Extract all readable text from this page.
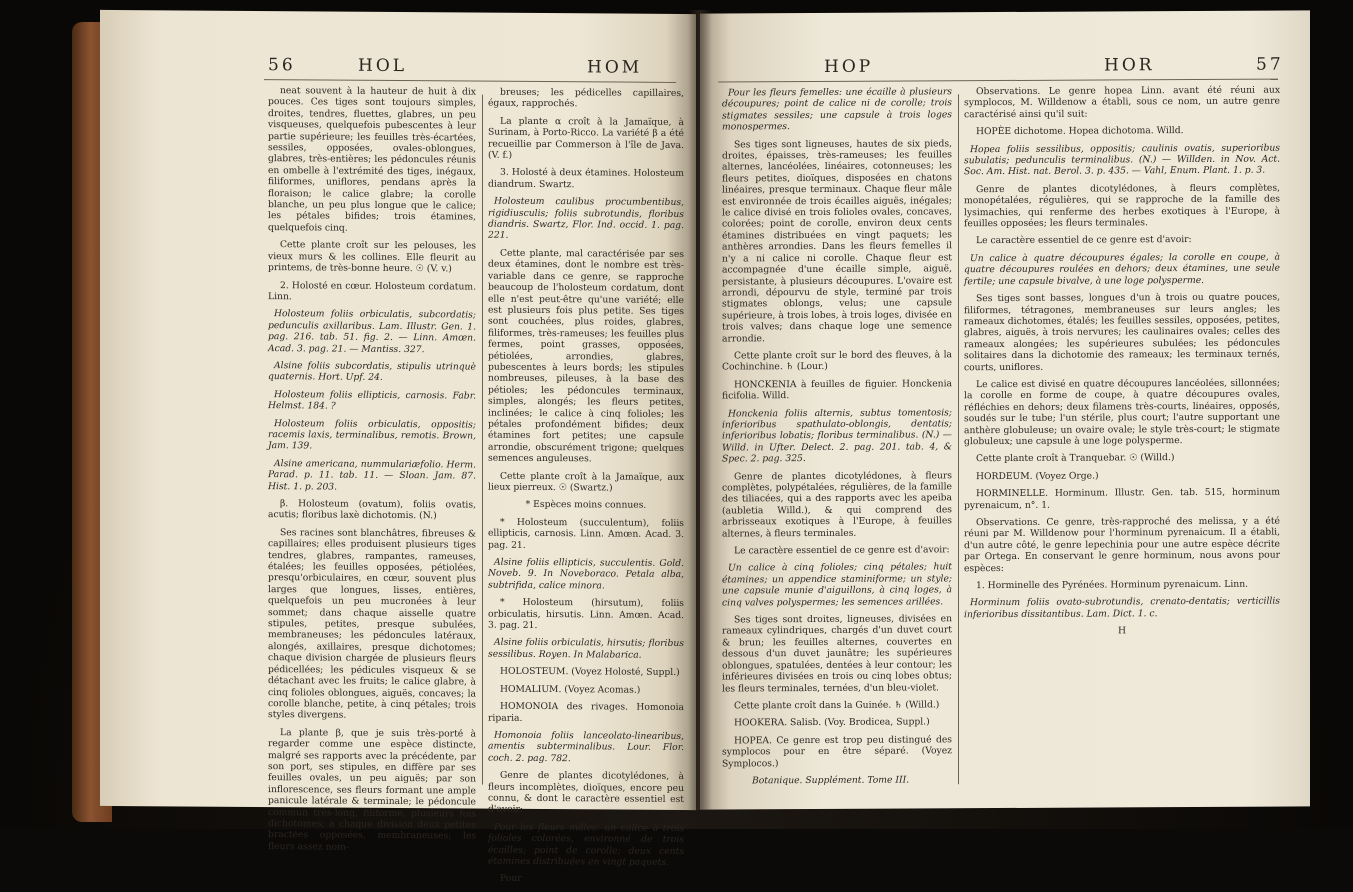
56	HOL	HOM

neat souvent à la hauteur de huit à dix pouces. Ces tiges sont toujours simples, droites, tendres, fluettes, glabres, un peu visqueuses, quelquefois pubescentes à leur partie supérieure; les feuilles très-écartées, sessiles, opposées, ovales-oblongues, glabres, très-entières; les pédoncules réunis en ombelle à l'extrémité des tiges, inégaux, filiformes, uniflores, pendans après la floraison; le calice glabre; la corolle blanche, un peu plus longue que le calice; les pétales bifides; trois étamines, quelquefois cinq.

Cette plante croît sur les pelouses, les vieux murs & les collines. Elle fleurit au printems, de très-bonne heure. ☉ (V. v.)

2. Holosté en cœur. Holosteum cordatum. Linn.

Holosteum foliis orbiculatis, subcordatis; pedunculis axillaribus. Lam. Illustr. Gen. 1. pag. 216. tab. 51. fig. 2. — Linn. Amœn. Acad. 3. pag. 21. — Mantiss. 327.

Alsine foliis subcordatis, stipulis utrinquè quaternis. Hort. Upf. 24.

Holosteum foliis ellipticis, carnosis. Fabr. Helmst. 184. ?

Holosteum foliis orbiculatis, oppositis; racemis laxis, terminalibus, remotis. Brown, Jam. 139.

Alsine americana, nummulariæfolio. Herm. Parad. p. 11. tab. 11. — Sloan. Jam. 87. Hist. 1. p. 203.

β. Holosteum (ovatum), foliis ovatis, acutis; floribus laxè dichotomis. (N.)

Ses racines sont blanchâtres, fibreuses & capillaires; elles produisent plusieurs tiges tendres, glabres, rampantes, rameuses, étalées; les feuilles opposées, pétiolées, presqu'orbiculaires, en cœur, souvent plus larges que longues, lisses, entières, quelquefois un peu mucronées à leur sommet; dans chaque aisselle quatre stipules, petites, presque subulées, membraneuses; les pédoncules latéraux, alongés, axillaires, presque dichotomes; chaque division chargée de plusieurs fleurs pédicellées; les pédicules visqueux & se détachant avec les fruits; le calice glabre, à cinq folioles oblongues, aiguës, concaves; la corolle blanche, petite, à cinq pétales; trois styles divergens.

La plante β, que je suis très-porté à regarder comme une espèce distincte, malgré ses rapports avec la précédente, par son port, ses stipules, en diffère par ses feuilles ovales, un peu aiguës; par son inflorescence, ses fleurs formant une ample panicule latérale & terminale; le pédoncule commun très-long, filiforme, plusieurs fois dichotomes; à chaque division deux petites bractées opposées, membraneuses; les fleurs assez nom-

breuses; les pédicelles capillaires, égaux, rapprochés.

La plante α croît à la Jamaïque, à Surinam, à Porto-Ricco. La variété β a été recueillie par Commerson à l'île de Java. (V. f.)

3. Holosté à deux étamines. Holosteum diandrum. Swartz.

Holosteum caulibus procumbentibus, rigidiusculis; foliis subrotundis, floribus diandris. Swartz, Flor. Ind. occid. 1. pag. 221.

Cette plante, mal caractérisée par ses deux étamines, dont le nombre est très-variable dans ce genre, se rapproche beaucoup de l'holosteum cordatum, dont elle n'est peut-être qu'une variété; elle est plusieurs fois plus petite. Ses tiges sont couchées, plus roides, glabres, filiformes, très-rameuses; les feuilles plus fermes, point grasses, opposées, pétiolées, arrondies, glabres, pubescentes à leurs bords; les stipules nombreuses, pileuses, à la base des pétioles; les pédoncules terminaux, simples, alongés; les fleurs petites, inclinées; le calice à cinq folioles; les pétales profondément bifides; deux étamines fort petites; une capsule arrondie, obscurément trigone; quelques semences anguleuses.

Cette plante croît à la Jamaïque, aux lieux pierreux. ☉ (Swartz.)

* Espèces moins connues.

* Holosteum (succulentum), foliis ellipticis, carnosis. Linn. Amœn. Acad. 3. pag. 21.

Alsine foliis ellipticis, succulentis. Gold. Noveb. 9. In Noveboraco. Petala alba, subtrifida, calice minora.

* Holosteum (hirsutum), foliis orbiculatis, hirsutis. Linn. Amœn. Acad. 3. pag. 21.

Alsine foliis orbiculatis, hirsutis; floribus sessilibus. Royen. In Malabarica.

HOLOSTEUM. (Voyez Holosté, Suppl.)

HOMALIUM. (Voyez Acomas.)

HOMONOIA des rivages. Homonoia riparia.

Homonoia foliis lanceolato-linearibus, amentis subterminalibus. Lour. Flor. coch. 2. pag. 782.

Genre de plantes dicotylédones, à fleurs incomplètes, dioïques, encore peu connu, & dont le caractère essentiel est d'avoir:

Pour les fleurs mâles: un calice à trois folioles colorées, environné de trois écailles; point de corolle; deux cents étamines distribuées en vingt paquets.

Pour

HOP	HOR	57

Pour les fleurs femelles: une écaille à plusieurs découpures; point de calice ni de corolle; trois stigmates sessiles; une capsule à trois loges monospermes.

Ses tiges sont ligneuses, hautes de six pieds, droites, épaisses, très-rameuses; les feuilles alternes, lancéolées, linéaires, cotonneuses; les fleurs petites, dioïques, disposées en chatons linéaires, presque terminaux. Chaque fleur mâle est environnée de trois écailles aiguës, inégales; le calice divisé en trois folioles ovales, concaves, colorées; point de corolle, environ deux cents étamines distribuées en vingt paquets; les anthères arrondies. Dans les fleurs femelles il n'y a ni calice ni corolle. Chaque fleur est accompagnée d'une écaille simple, aiguë, persistante, à plusieurs découpures. L'ovaire est arrondi, dépourvu de style, terminé par trois stigmates oblongs, velus; une capsule supérieure, à trois lobes, à trois loges, divisée en trois valves; dans chaque loge une semence arrondie.

Cette plante croît sur le bord des fleuves, à la Cochinchine. ♄ (Lour.)

HONCKENIA à feuilles de figuier. Honckenia ficifolia. Willd.

Honckenia foliis alternis, subtus tomentosis; inferioribus spathulato-oblongis, dentatis; inferioribus lobatis; floribus terminalibus. (N.) — Willd. in Ufter. Delect. 2. pag. 201. tab. 4, & Spec. 2. pag. 325.

Genre de plantes dicotylédones, à fleurs complètes, polypétalées, régulières, de la famille des tiliacées, qui a des rapports avec les apeiba (aubletia Willd.), & qui comprend des arbrisseaux exotiques à l'Europe, à feuilles alternes, à fleurs terminales.

Le caractère essentiel de ce genre est d'avoir:

Un calice à cinq folioles; cinq pétales; huit étamines; un appendice staminiforme; un style; une capsule munie d'aiguillons, à cinq loges, à cinq valves polyspermes; les semences arillées.

Ses tiges sont droites, ligneuses, divisées en rameaux cylindriques, chargés d'un duvet court & brun; les feuilles alternes, couvertes en dessous d'un duvet jaunâtre; les supérieures oblongues, spatulées, dentées à leur contour; les inférieures divisées en trois ou cinq lobes obtus; les fleurs terminales, ternées, d'un bleu-violet.

Cette plante croît dans la Guinée. ♄ (Willd.)

HOOKERA. Salisb. (Voy. Brodicea, Suppl.)

HOPEA. Ce genre est trop peu distingué des symplocos pour en être séparé. (Voyez Symplocos.)

Botanique. Supplément. Tome III.

Observations. Le genre hopea Linn. avant été réuni aux symplocos, M. Willdenow a établi, sous ce nom, un autre genre caractérisé ainsi qu'il suit:

HOPÈE dichotome. Hopea dichotoma. Willd.

Hopea foliis sessilibus, oppositis; caulinis ovatis, superioribus subulatis; pedunculis terminalibus. (N.) — Willden. in Nov. Act. Soc. Am. Hist. nat. Berol. 3. p. 435. — Vahl, Enum. Plant. 1. p. 3.

Genre de plantes dicotylédones, à fleurs complètes, monopétalées, régulières, qui se rapproche de la famille des lysimachies, qui renferme des herbes exotiques à l'Europe, à feuilles opposées; les fleurs terminales.

Le caractère essentiel de ce genre est d'avoir:

Un calice à quatre découpures égales; la corolle en coupe, à quatre découpures roulées en dehors; deux étamines, une seule fertile; une capsule bivalve, à une loge polysperme.

Ses tiges sont basses, longues d'un à trois ou quatre pouces, filiformes, tétragones, membraneuses sur leurs angles; les rameaux dichotomes, étalés; les feuilles sessiles, opposées, petites, glabres, aiguës, à trois nervures; les caulinaires ovales; celles des rameaux alongées; les supérieures subulées; les pédoncules solitaires dans la dichotomie des rameaux; les terminaux ternés, courts, uniflores.

Le calice est divisé en quatre découpures lancéolées, sillonnées; la corolle en forme de coupe, à quatre découpures ovales, réfléchies en dehors; deux filamens très-courts, linéaires, opposés, soudés sur le tube; l'un stérile, plus court; l'autre supportant une anthère globuleuse; un ovaire ovale; le style très-court; le stigmate globuleux; une capsule à une loge polysperme.

Cette plante croît à Tranquebar. ☉ (Willd.)

HORDEUM. (Voyez Orge.)

HORMINELLE. Horminum. Illustr. Gen. tab. 515, horminum pyrenaicum, n°. 1.

Observations. Ce genre, très-rapproché des melissa, y a été réuni par M. Willdenow pour l'horminum pyrenaicum. Il a établi, d'un autre côté, le genre lepechinia pour une autre espèce décrite par Ortega. En conservant le genre horminum, nous avons pour espèces:

1. Horminelle des Pyrénées. Horminum pyrenaicum. Linn.

Horminum foliis ovato-subrotundis, crenato-dentatis; verticillis inferioribus dissitantibus. Lam. Dict. 1. c.

H
